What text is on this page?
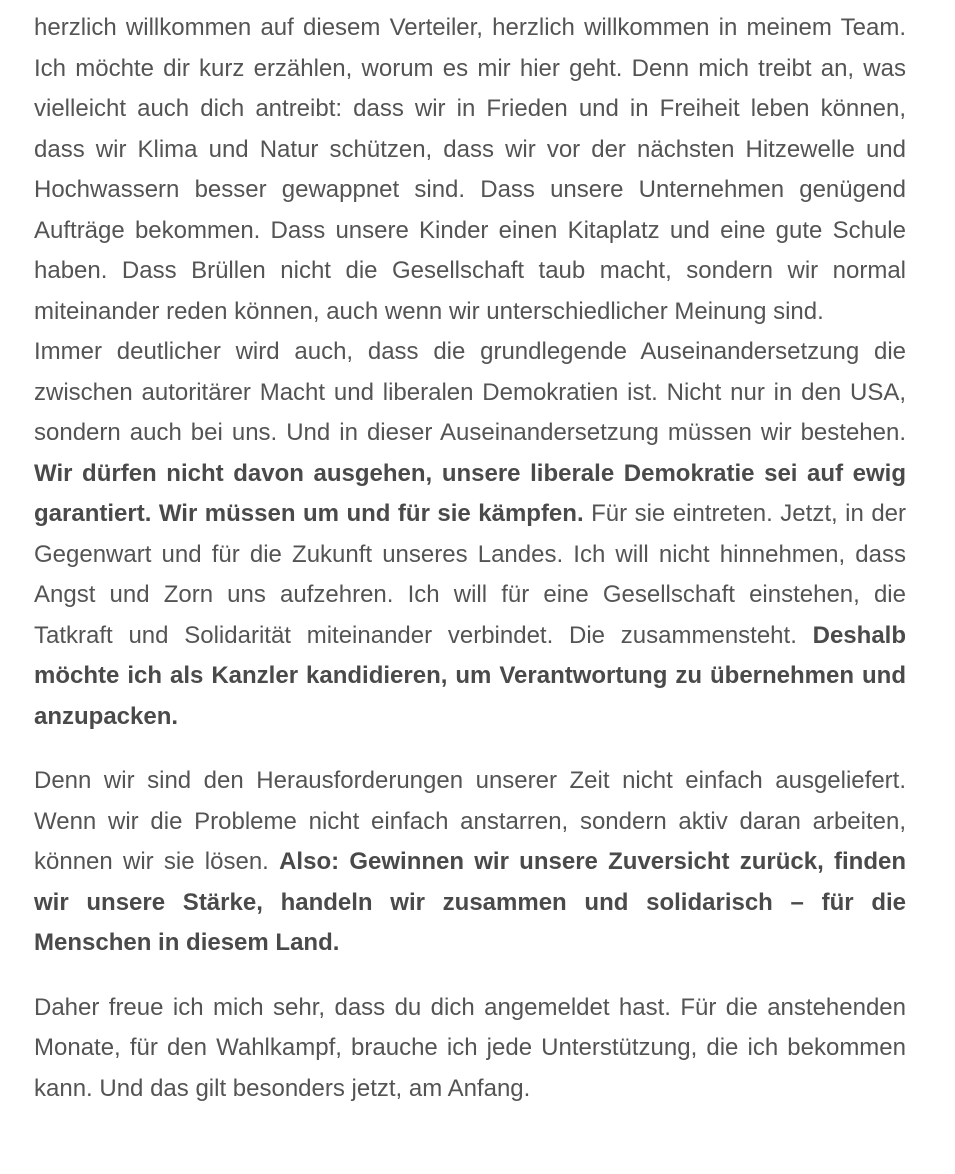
herzlich willkommen auf diesem Verteiler, herzlich willkommen in meinem Team. Ich möchte dir kurz erzählen, worum es mir hier geht. Denn mich treibt an, was vielleicht auch dich antreibt: dass wir in Frieden und in Freiheit leben können, dass wir Klima und Natur schützen, dass wir vor der nächsten Hitzewelle und Hochwassern besser gewappnet sind. Dass unsere Unternehmen genügend Aufträge bekommen. Dass unsere Kinder einen Kitaplatz und eine gute Schule haben. Dass Brüllen nicht die Gesellschaft taub macht, sondern wir normal miteinander reden können, auch wenn wir unterschiedlicher Meinung sind.

Immer deutlicher wird auch, dass die grundlegende Auseinandersetzung die zwischen autoritärer Macht und liberalen Demokratien ist. Nicht nur in den USA, sondern auch bei uns. Und in dieser Auseinandersetzung müssen wir bestehen. Wir dürfen nicht davon ausgehen, unsere liberale Demokratie sei auf ewig garantiert. Wir müssen um und für sie kämpfen. Für sie eintreten. Jetzt, in der Gegenwart und für die Zukunft unseres Landes. Ich will nicht hinnehmen, dass Angst und Zorn uns aufzehren. Ich will für eine Gesellschaft einstehen, die Tatkraft und Solidarität miteinander verbindet. Die zusammensteht. Deshalb möchte ich als Kanzler kandidieren, um Verantwortung zu übernehmen und anzupacken.

Denn wir sind den Herausforderungen unserer Zeit nicht einfach ausgeliefert. Wenn wir die Probleme nicht einfach anstarren, sondern aktiv daran arbeiten, können wir sie lösen. Also: Gewinnen wir unsere Zuversicht zurück, finden wir unsere Stärke, handeln wir zusammen und solidarisch – für die Menschen in diesem Land.

Daher freue ich mich sehr, dass du dich angemeldet hast. Für die anstehenden Monate, für den Wahlkampf, brauche ich jede Unterstützung, die ich bekommen kann. Und das gilt besonders jetzt, am Anfang.
